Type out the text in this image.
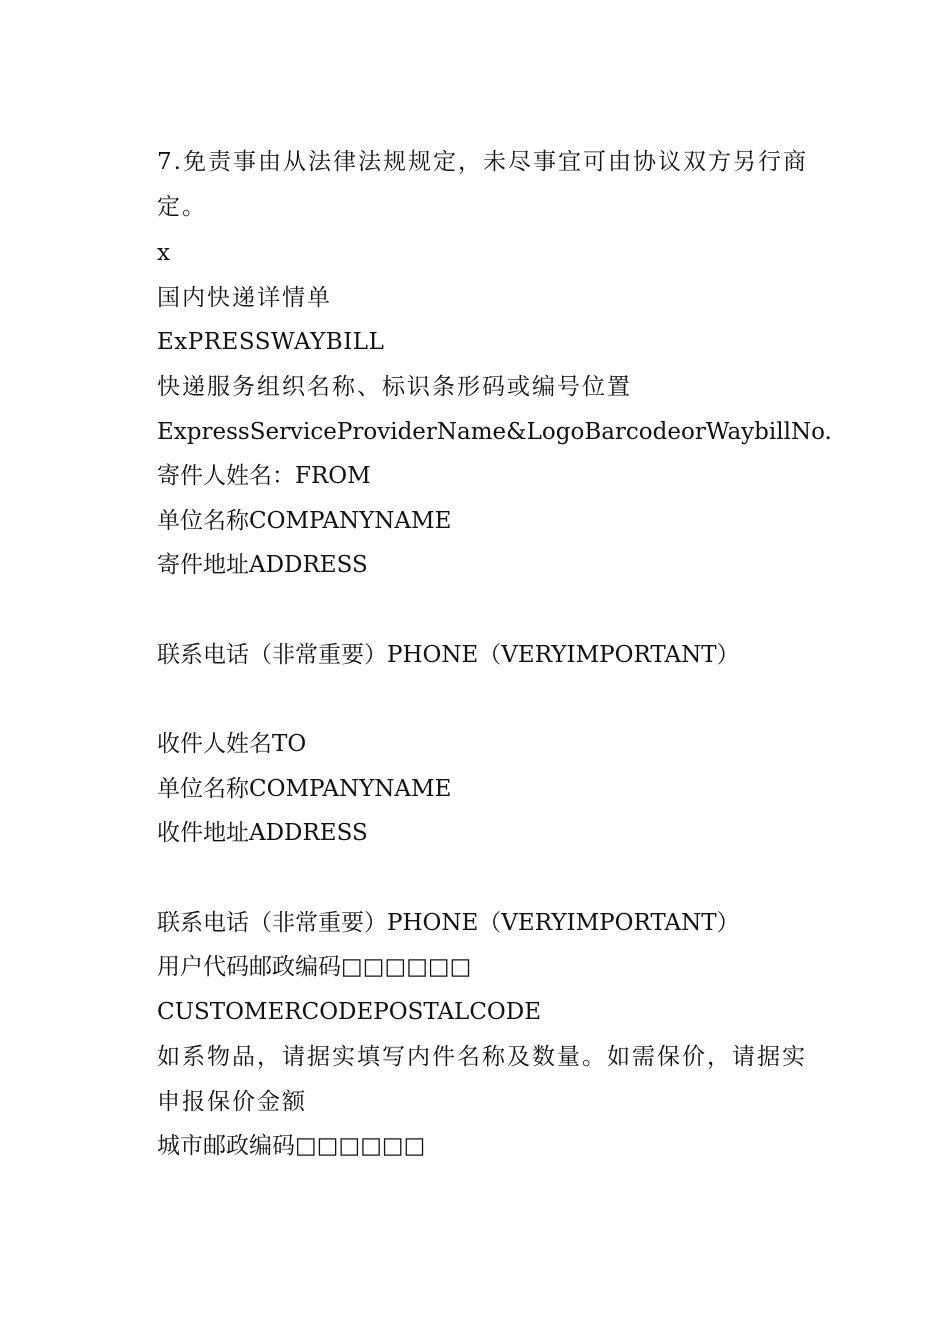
7.免责事由从法律法规规定，未尽事宜可由协议双方另行商定。
x
国内快递详情单
ExPRESSWAYBILL
快递服务组织名称、标识条形码或编号位置
ExpressServiceProviderName&LogoBarcodeorWaybillNo.
寄件人姓名：FROM
单位名称COMPANYNAME
寄件地址ADDRESS
联系电话（非常重要）PHONE（VERYIMPORTANT）
收件人姓名TO
单位名称COMPANYNAME
收件地址ADDRESS
联系电话（非常重要）PHONE（VERYIMPORTANT）
用户代码邮政编码□□□□□□
CUSTOMERCODEPOSTALCODE
如系物品，请据实填写内件名称及数量。如需保价，请据实申报保价金额
城市邮政编码□□□□□□
